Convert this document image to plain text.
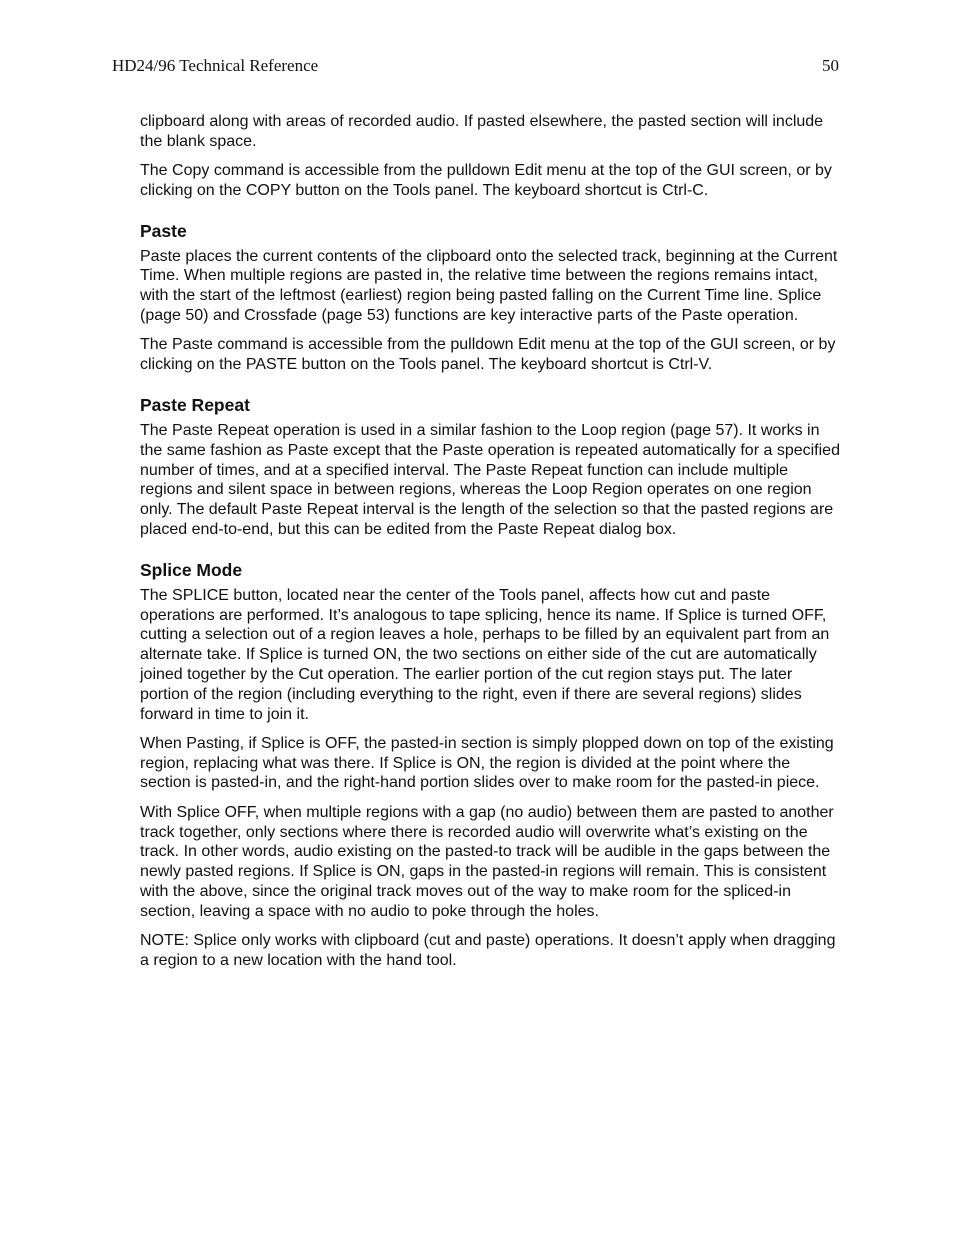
HD24/96 Technical Reference	50

clipboard along with areas of recorded audio. If pasted elsewhere, the pasted section will include the blank space.

The Copy command is accessible from the pulldown Edit menu at the top of the GUI screen, or by clicking on the COPY button on the Tools panel. The keyboard shortcut is Ctrl-C.

Paste

Paste places the current contents of the clipboard onto the selected track, beginning at the Current Time. When multiple regions are pasted in, the relative time between the regions remains intact, with the start of the leftmost (earliest) region being pasted falling on the Current Time line. Splice (page 50) and Crossfade (page 53) functions are key interactive parts of the Paste operation.

The Paste command is accessible from the pulldown Edit menu at the top of the GUI screen, or by clicking on the PASTE button on the Tools panel. The keyboard shortcut is Ctrl-V.

Paste Repeat

The Paste Repeat operation is used in a similar fashion to the Loop region (page 57). It works in the same fashion as Paste except that the Paste operation is repeated automatically for a specified number of times, and at a specified interval. The Paste Repeat function can include multiple regions and silent space in between regions, whereas the Loop Region operates on one region only. The default Paste Repeat interval is the length of the selection so that the pasted regions are placed end-to-end, but this can be edited from the Paste Repeat dialog box.

Splice Mode

The SPLICE button, located near the center of the Tools panel, affects how cut and paste operations are performed. It’s analogous to tape splicing, hence its name. If Splice is turned OFF, cutting a selection out of a region leaves a hole, perhaps to be filled by an equivalent part from an alternate take. If Splice is turned ON, the two sections on either side of the cut are automatically joined together by the Cut operation. The earlier portion of the cut region stays put. The later portion of the region (including everything to the right, even if there are several regions) slides forward in time to join it.

When Pasting, if Splice is OFF, the pasted-in section is simply plopped down on top of the existing region, replacing what was there. If Splice is ON, the region is divided at the point where the section is pasted-in, and the right-hand portion slides over to make room for the pasted-in piece.

With Splice OFF, when multiple regions with a gap (no audio) between them are pasted to another track together, only sections where there is recorded audio will overwrite what’s existing on the track. In other words, audio existing on the pasted-to track will be audible in the gaps between the newly pasted regions. If Splice is ON, gaps in the pasted-in regions will remain. This is consistent with the above, since the original track moves out of the way to make room for the spliced-in section, leaving a space with no audio to poke through the holes.

NOTE: Splice only works with clipboard (cut and paste) operations. It doesn’t apply when dragging a region to a new location with the hand tool.
